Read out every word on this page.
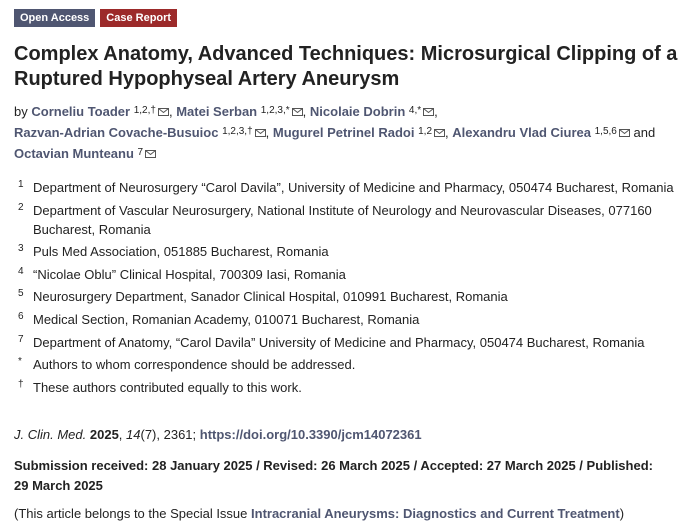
Open Access	Case Report
Complex Anatomy, Advanced Techniques: Microsurgical Clipping of a Ruptured Hypophyseal Artery Aneurysm
by Corneliu Toader $^{1,2,\dagger}$ , Matei Serban $^{1,2,3,*}$ , Nicolaie Dobrin $^{4,*}$ ,
Razvan-Adrian Covache-Busuioc $^{1,2,3,\dagger}$ , Mugurel Petrinel Radoi $^{1,2}$ , Alexandru Vlad Ciurea $^{1,5,6}$ and
Octavian Munteanu $^7$
1 Department of Neurosurgery “Carol Davila”, University of Medicine and Pharmacy, 050474 Bucharest, Romania
2 Department of Vascular Neurosurgery, National Institute of Neurology and Neurovascular Diseases, 077160 Bucharest, Romania
3 Puls Med Association, 051885 Bucharest, Romania
4 “Nicolae Oblu” Clinical Hospital, 700309 Iasi, Romania
5 Neurosurgery Department, Sanador Clinical Hospital, 010991 Bucharest, Romania
6 Medical Section, Romanian Academy, 010071 Bucharest, Romania
7 Department of Anatomy, “Carol Davila” University of Medicine and Pharmacy, 050474 Bucharest, Romania
* Authors to whom correspondence should be addressed.
† These authors contributed equally to this work.
J. Clin. Med. 2025, 14(7), 2361; https://doi.org/10.3390/jcm14072361
Submission received: 28 January 2025 / Revised: 26 March 2025 / Accepted: 27 March 2025 / Published: 29 March 2025
(This article belongs to the Special Issue Intracranial Aneurysms: Diagnostics and Current Treatment)
